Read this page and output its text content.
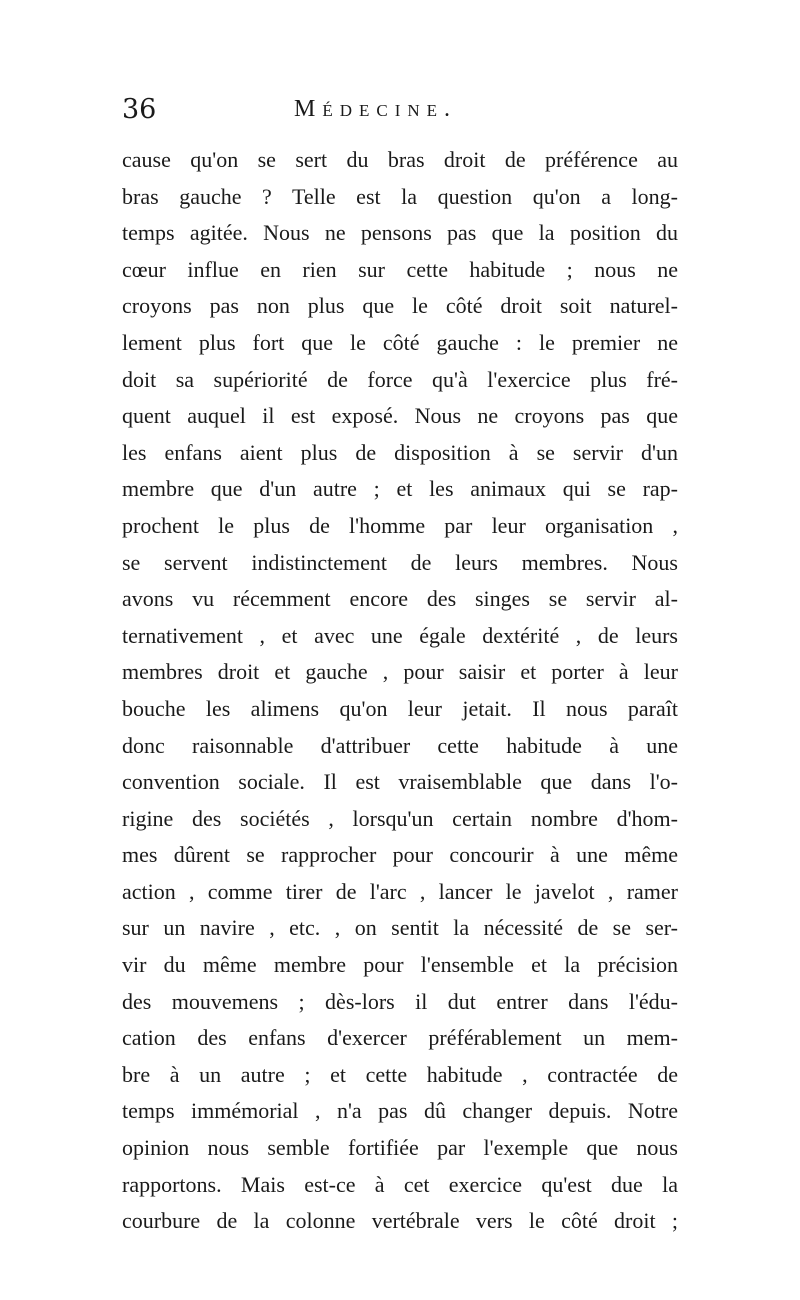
36	Médecine.
cause qu'on se sert du bras droit de préférence au
bras gauche ? Telle est la question qu'on a long-
temps agitée. Nous ne pensons pas que la position du
cœur influe en rien sur cette habitude ; nous ne
croyons pas non plus que le côté droit soit naturel-
lement plus fort que le côté gauche : le premier ne
doit sa supériorité de force qu'à l'exercice plus fré-
quent auquel il est exposé. Nous ne croyons pas que
les enfans aient plus de disposition à se servir d'un
membre que d'un autre ; et les animaux qui se rap-
prochent le plus de l'homme par leur organisation ,
se servent indistinctement de leurs membres. Nous
avons vu récemment encore des singes se servir al-
ternativement , et avec une égale dextérité , de leurs
membres droit et gauche , pour saisir et porter à leur
bouche les alimens qu'on leur jetait. Il nous paraît
donc raisonnable d'attribuer cette habitude à une
convention sociale. Il est vraisemblable que dans l'o-
rigine des sociétés , lorsqu'un certain nombre d'hom-
mes dûrent se rapprocher pour concourir à une même
action , comme tirer de l'arc , lancer le javelot , ramer
sur un navire , etc. , on sentit la nécessité de se ser-
vir du même membre pour l'ensemble et la précision
des mouvemens ; dès-lors il dut entrer dans l'édu-
cation des enfans d'exercer préférablement un mem-
bre à un autre ; et cette habitude , contractée de
temps immémorial , n'a pas dû changer depuis. Notre
opinion nous semble fortifiée par l'exemple que nous
rapportons. Mais est-ce à cet exercice qu'est due la
courbure de la colonne vertébrale vers le côté droit ;
